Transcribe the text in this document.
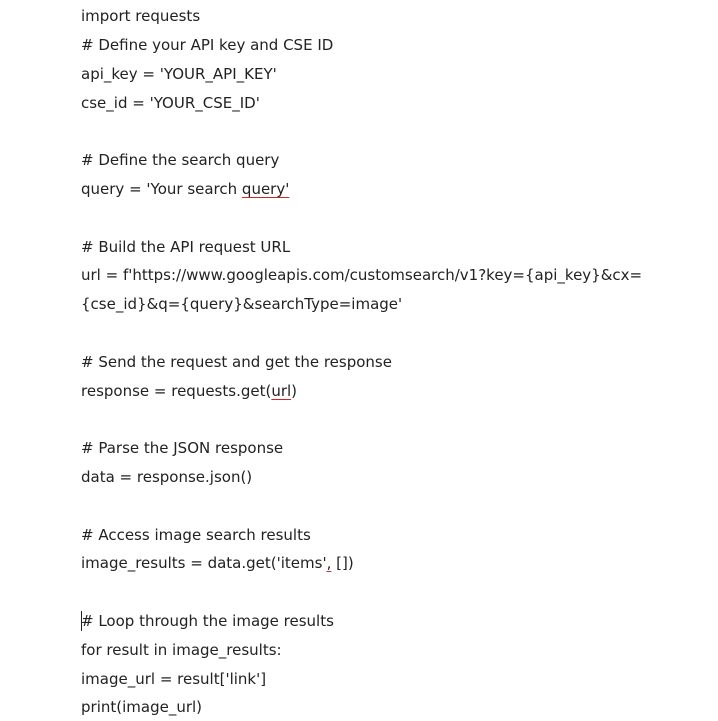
import requests
# Define your API key and CSE ID
api_key = 'YOUR_API_KEY'
cse_id = 'YOUR_CSE_ID'
# Define the search query
query = 'Your search query'
# Build the API request URL
url = f'https://www.googleapis.com/customsearch/v1?key={api_key}&cx=
{cse_id}&q={query}&searchType=image'
# Send the request and get the response
response = requests.get(url)
# Parse the JSON response
data = response.json()
# Access image search results
image_results = data.get('items', [])
# Loop through the image results
for result in image_results:
image_url = result['link']
print(image_url)
